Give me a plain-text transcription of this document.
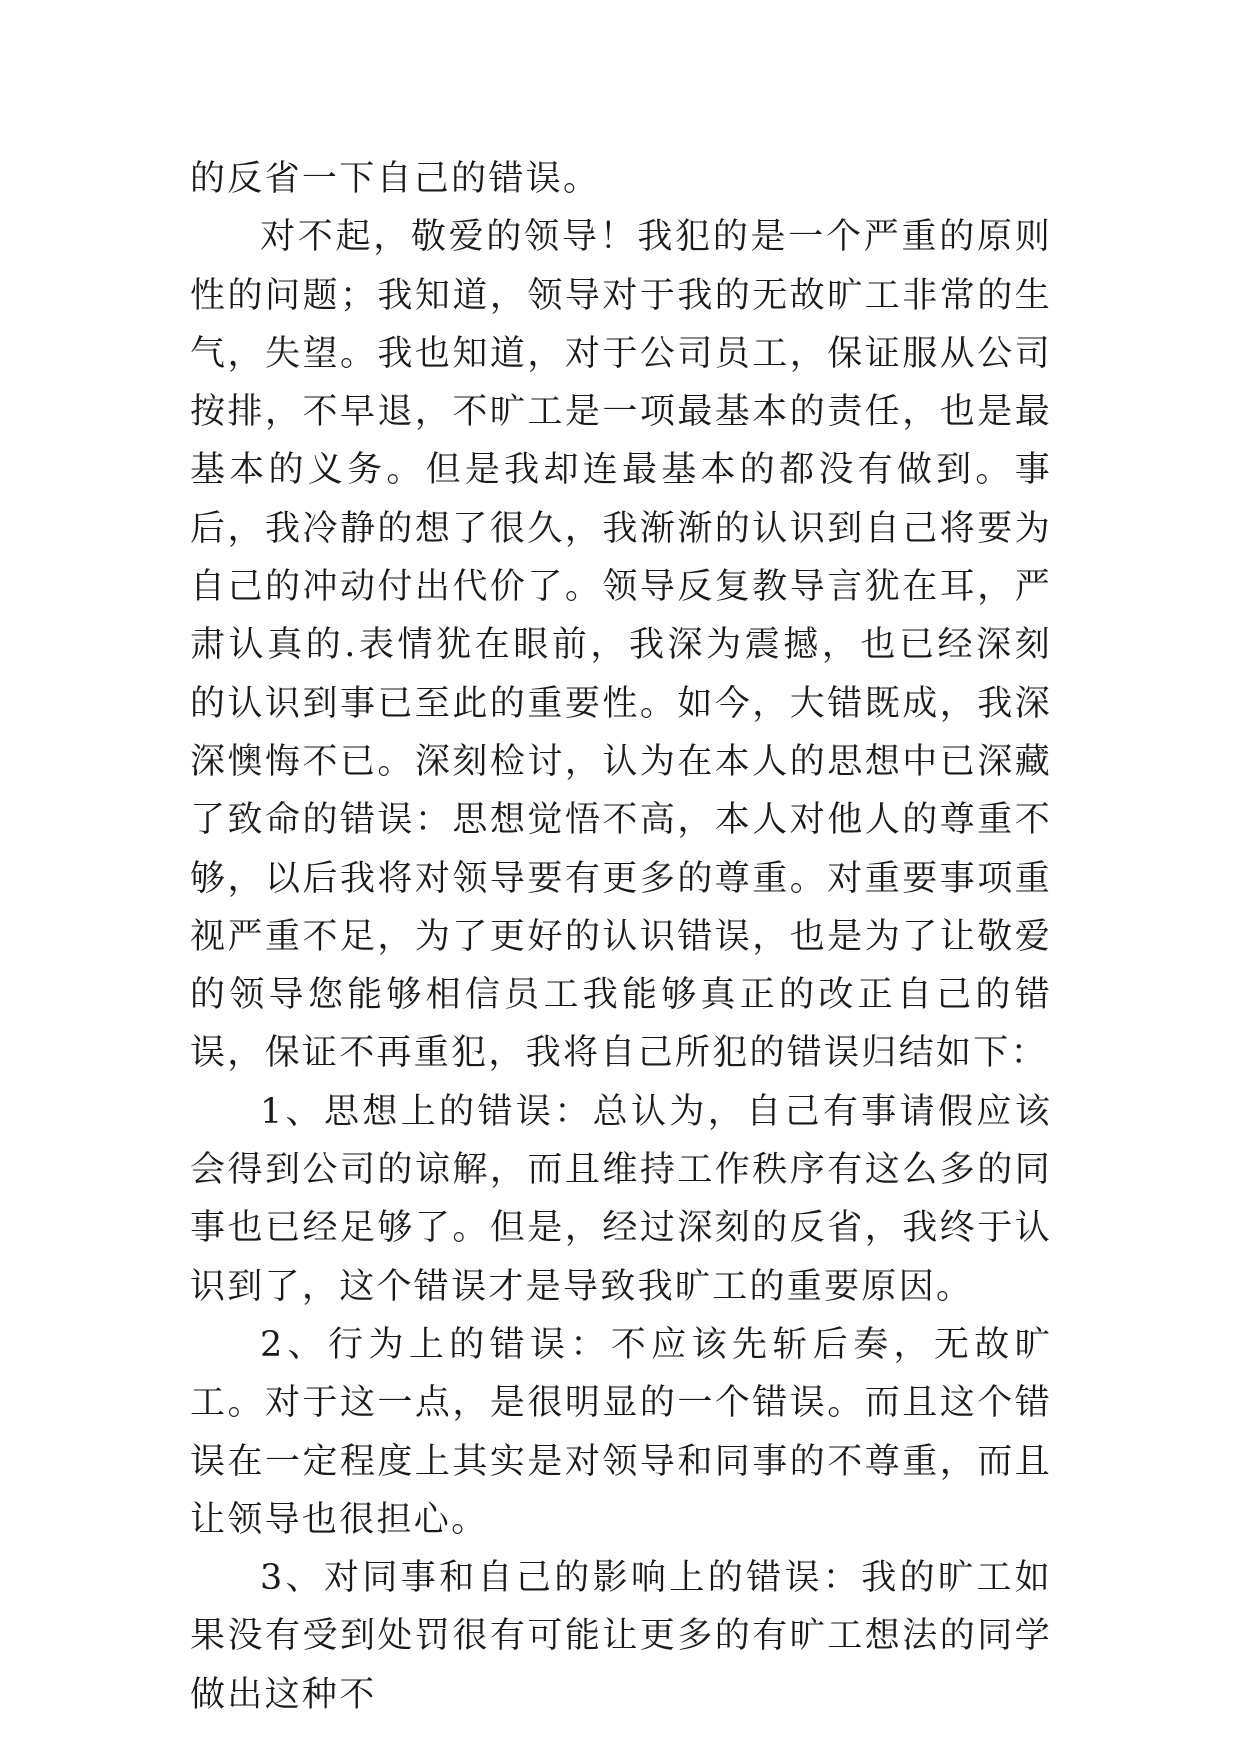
的反省一下自己的错误。

对不起，敬爱的领导！我犯的是一个严重的原则性的问题；我知道，领导对于我的无故旷工非常的生气，失望。我也知道，对于公司员工，保证服从公司按排，不早退，不旷工是一项最基本的责任，也是最基本的义务。但是我却连最基本的都没有做到。事后，我冷静的想了很久，我渐渐的认识到自己将要为自己的冲动付出代价了。领导反复教导言犹在耳，严肃认真的.表情犹在眼前，我深为震撼，也已经深刻的认识到事已至此的重要性。如今，大错既成，我深深懊悔不已。深刻检讨，认为在本人的思想中已深藏了致命的错误：思想觉悟不高，本人对他人的尊重不够，以后我将对领导要有更多的尊重。对重要事项重视严重不足，为了更好的认识错误，也是为了让敬爱的领导您能够相信员工我能够真正的改正自己的错误，保证不再重犯，我将自己所犯的错误归结如下：

1、思想上的错误：总认为，自己有事请假应该会得到公司的谅解，而且维持工作秩序有这么多的同事也已经足够了。但是，经过深刻的反省，我终于认识到了，这个错误才是导致我旷工的重要原因。

2、行为上的错误：不应该先斩后奏，无故旷工。对于这一点，是很明显的一个错误。而且这个错误在一定程度上其实是对领导和同事的不尊重，而且让领导也很担心。

3、对同事和自己的影响上的错误：我的旷工如果没有受到处罚很有可能让更多的有旷工想法的同学做出这种不
